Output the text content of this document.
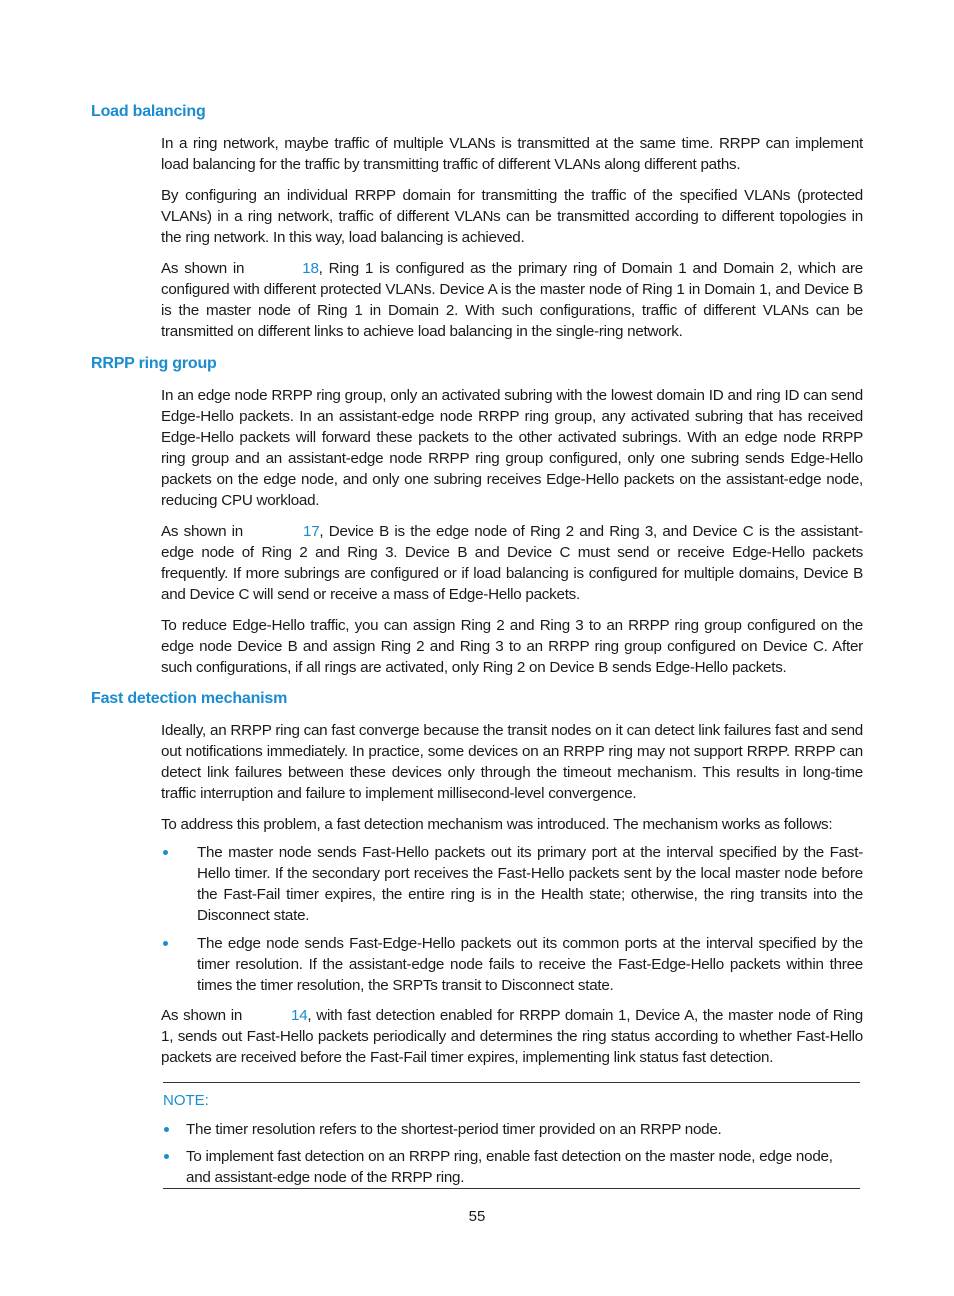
Load balancing

In a ring network, maybe traffic of multiple VLANs is transmitted at the same time. RRPP can implement load balancing for the traffic by transmitting traffic of different VLANs along different paths.

By configuring an individual RRPP domain for transmitting the traffic of the specified VLANs (protected VLANs) in a ring network, traffic of different VLANs can be transmitted according to different topologies in the ring network. In this way, load balancing is achieved.

As shown in	18, Ring 1 is configured as the primary ring of Domain 1 and Domain 2, which are configured with different protected VLANs. Device A is the master node of Ring 1 in Domain 1, and Device B is the master node of Ring 1 in Domain 2. With such configurations, traffic of different VLANs can be transmitted on different links to achieve load balancing in the single-ring network.

RRPP ring group

In an edge node RRPP ring group, only an activated subring with the lowest domain ID and ring ID can send Edge-Hello packets. In an assistant-edge node RRPP ring group, any activated subring that has received Edge-Hello packets will forward these packets to the other activated subrings. With an edge node RRPP ring group and an assistant-edge node RRPP ring group configured, only one subring sends Edge-Hello packets on the edge node, and only one subring receives Edge-Hello packets on the assistant-edge node, reducing CPU workload.

As shown in	17, Device B is the edge node of Ring 2 and Ring 3, and Device C is the assistant-edge node of Ring 2 and Ring 3. Device B and Device C must send or receive Edge-Hello packets frequently. If more subrings are configured or if load balancing is configured for multiple domains, Device B and Device C will send or receive a mass of Edge-Hello packets.

To reduce Edge-Hello traffic, you can assign Ring 2 and Ring 3 to an RRPP ring group configured on the edge node Device B and assign Ring 2 and Ring 3 to an RRPP ring group configured on Device C. After such configurations, if all rings are activated, only Ring 2 on Device B sends Edge-Hello packets.

Fast detection mechanism

Ideally, an RRPP ring can fast converge because the transit nodes on it can detect link failures fast and send out notifications immediately. In practice, some devices on an RRPP ring may not support RRPP. RRPP can detect link failures between these devices only through the timeout mechanism. This results in long-time traffic interruption and failure to implement millisecond-level convergence.

To address this problem, a fast detection mechanism was introduced. The mechanism works as follows:

The master node sends Fast-Hello packets out its primary port at the interval specified by the Fast-Hello timer. If the secondary port receives the Fast-Hello packets sent by the local master node before the Fast-Fail timer expires, the entire ring is in the Health state; otherwise, the ring transits into the Disconnect state.
The edge node sends Fast-Edge-Hello packets out its common ports at the interval specified by the timer resolution. If the assistant-edge node fails to receive the Fast-Edge-Hello packets within three times the timer resolution, the SRPTs transit to Disconnect state.

As shown in	14, with fast detection enabled for RRPP domain 1, Device A, the master node of Ring 1, sends out Fast-Hello packets periodically and determines the ring status according to whether Fast-Hello packets are received before the Fast-Fail timer expires, implementing link status fast detection.

NOTE:
The timer resolution refers to the shortest-period timer provided on an RRPP node.
To implement fast detection on an RRPP ring, enable fast detection on the master node, edge node, and assistant-edge node of the RRPP ring.
55
